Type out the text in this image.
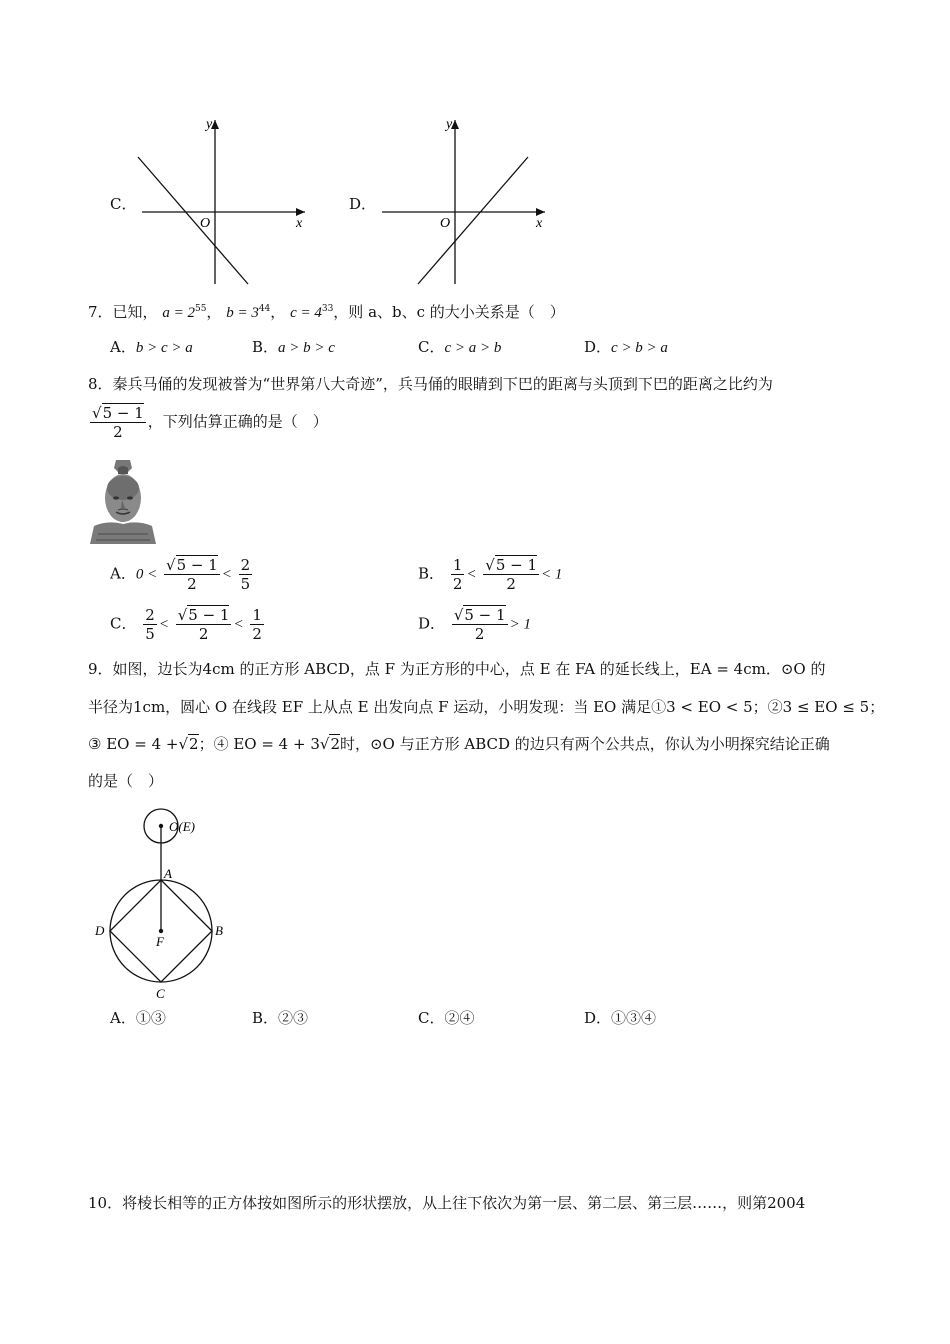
C．
y
x
O
D．
y
x
O
7．已知， $a = 2^{55}$， $b = 3^{44}$， $c = 4^{33}$，则 a、b、c 的大小关系是（　）
A．b > c > a	B．a > b > c	C．c > a > b	D．c > b > a
8．秦兵马俑的发现被誉为“世界第八大奇迹”，兵马俑的眼睛到下巴的距离与头顶到下巴的距离之比约为
$\frac{√5 - 1}{2}$ ，下列估算正确的是（　）
A．$0 < \frac{√5 - 1}{2} < \frac{2}{5}$	B． $\frac{1}{2} < \frac{√5 - 1}{2} < 1$
C． $\frac{2}{5} < \frac{√5 - 1}{2} < \frac{1}{2}$	D． $\frac{√5 - 1}{2} > 1$
9．如图，边长为4cm 的正方形 ABCD，点 F 为正方形的中心，点 E 在 FA 的延长线上，EA = 4cm．⊙O 的
半径为1cm，圆心 O 在线段 EF 上从点 E 出发向点 F 运动，小明发现：当 EO 满足①3 < EO < 5；②3 ≤ EO ≤ 5；
③ EO = 4 +√2；④ EO = 4 + 3√2时，⊙O 与正方形 ABCD 的边只有两个公共点，你认为小明探究结论正确
的是（　）
O(E)
A
B
C
D
F
A．①③	B．②③	C．②④	D．①③④
10．将棱长相等的正方体按如图所示的形状摆放，从上往下依次为第一层、第二层、第三层……，则第2004
